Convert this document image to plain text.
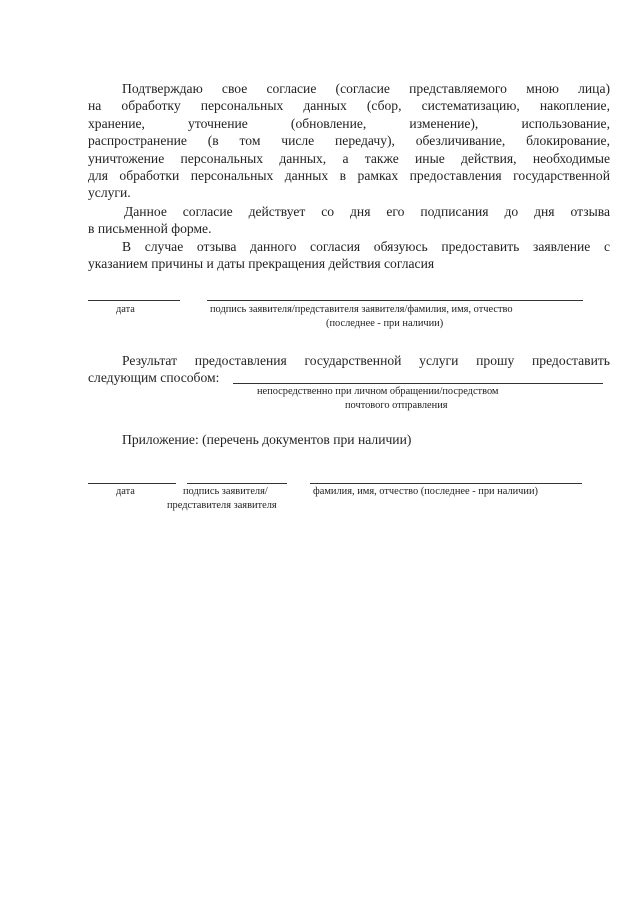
Подтверждаю свое согласие (согласие представляемого мною лица)
на обработку персональных данных (сбор, систематизацию, накопление,
хранение, уточнение (обновление, изменение), использование,
распространение (в том числе передачу), обезличивание, блокирование,
уничтожение персональных данных, а также иные действия, необходимые
для обработки персональных данных в рамках предоставления государственной
услуги.
Данное согласие действует со дня его подписания до дня отзыва
в письменной форме.
В случае отзыва данного согласия обязуюсь предоставить заявление с
указанием причины и даты прекращения действия согласия
дата	подпись заявителя/представителя заявителя/фамилия, имя, отчество
(последнее - при наличии)
Результат предоставления государственной услуги прошу предоставить
следующим способом:
непосредственно при личном обращении/посредством
почтового отправления
Приложение: (перечень документов при наличии)
дата	подпись заявителя/
представителя заявителя
фамилия, имя, отчество (последнее - при наличии)
